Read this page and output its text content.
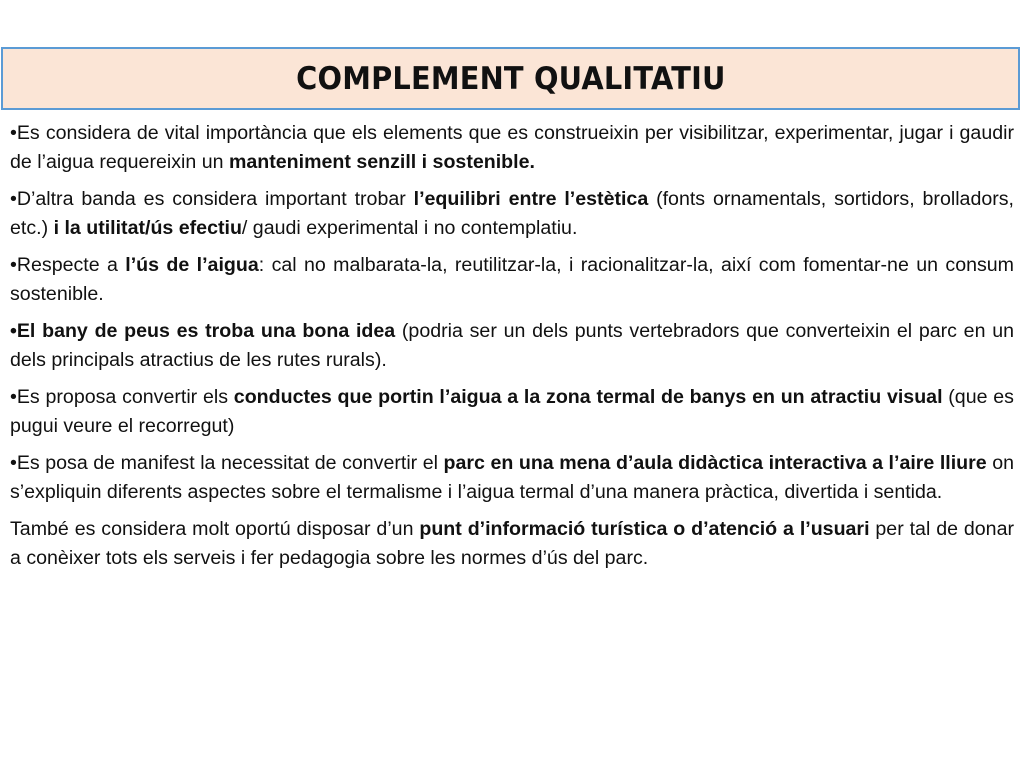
COMPLEMENT QUALITATIU

•Es considera de vital importància que els elements que es construeixin per visibilitzar, experimentar, jugar i gaudir de l’aigua requereixin un manteniment senzill i sostenible.

•D’altra banda es considera important trobar l’equilibri entre l’estètica (fonts ornamentals, sortidors, brolladors, etc.) i la utilitat/ús efectiu/ gaudi experimental i no contemplatiu.

•Respecte a l’ús de l’aigua: cal no malbarata-la, reutilitzar-la, i racionalitzar-la, així com fomentar-ne un consum sostenible.

•El bany de peus es troba una bona idea (podria ser un dels punts vertebradors que converteixin el parc en un dels principals atractius de les rutes rurals).

•Es proposa convertir els conductes que portin l’aigua a la zona termal de banys en un atractiu visual (que es pugui veure el recorregut)

•Es posa de manifest la necessitat de convertir el parc en una mena d’aula didàctica interactiva a l’aire lliure on s’expliquin diferents aspectes sobre el termalisme i l’aigua termal d’una manera pràctica, divertida i sentida.

També es considera molt oportú disposar d’un punt d’informació turística o d’atenció a l’usuari per tal de donar a conèixer tots els serveis i fer pedagogia sobre les normes d’ús del parc.
